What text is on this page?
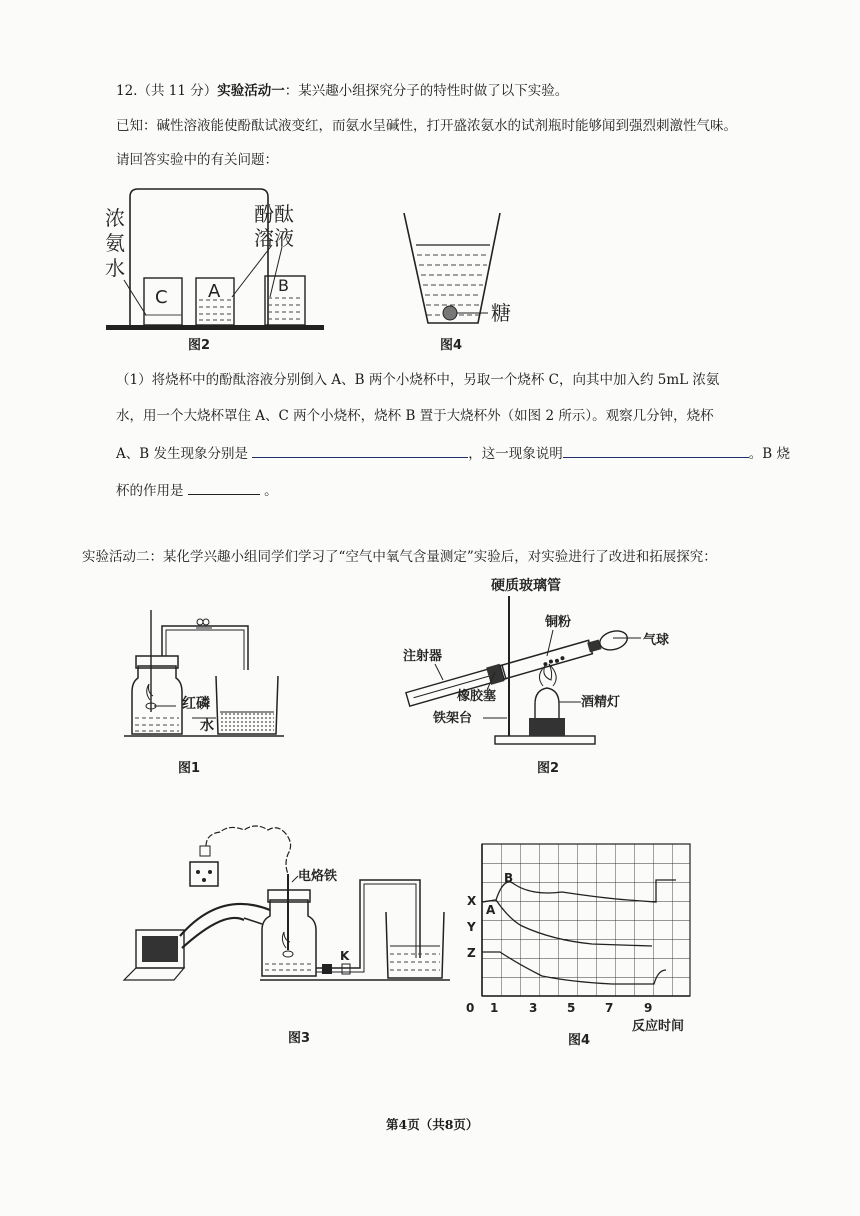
12.（共 11 分）实验活动一：某兴趣小组探究分子的特性时做了以下实验。
已知：碱性溶液能使酚酞试液变红，而氨水呈碱性，打开盛浓氨水的试剂瓶时能够闻到强烈刺激性气味。
请回答实验中的有关问题：
C A	B
浓
氨
水
酚酞
溶液
图2
糖
图4
（1）将烧杯中的酚酞溶液分别倒入 A、B 两个小烧杯中，另取一个烧杯 C，向其中加入约 5mL 浓氨
水，用一个大烧杯罩住 A、C 两个小烧杯，烧杯 B 置于大烧杯外（如图 2 所示）。观察几分钟，烧杯
A、B 发生现象分别是	，这一现象说明	。B 烧
杯的作用是	。
实验活动二：某化学兴趣小组同学们学习了“空气中氧气含量测定”实验后，对实验进行了改进和拓展探究：
红磷
水
图1
硬质玻璃管
铜粉
气球
注射器
橡胶塞	酒精灯
铁架台
图2
K
电烙铁
图3
X
Y
Z
A
B
0 1	3 5 7	9
反应时间
图4
第4页（共8页）
